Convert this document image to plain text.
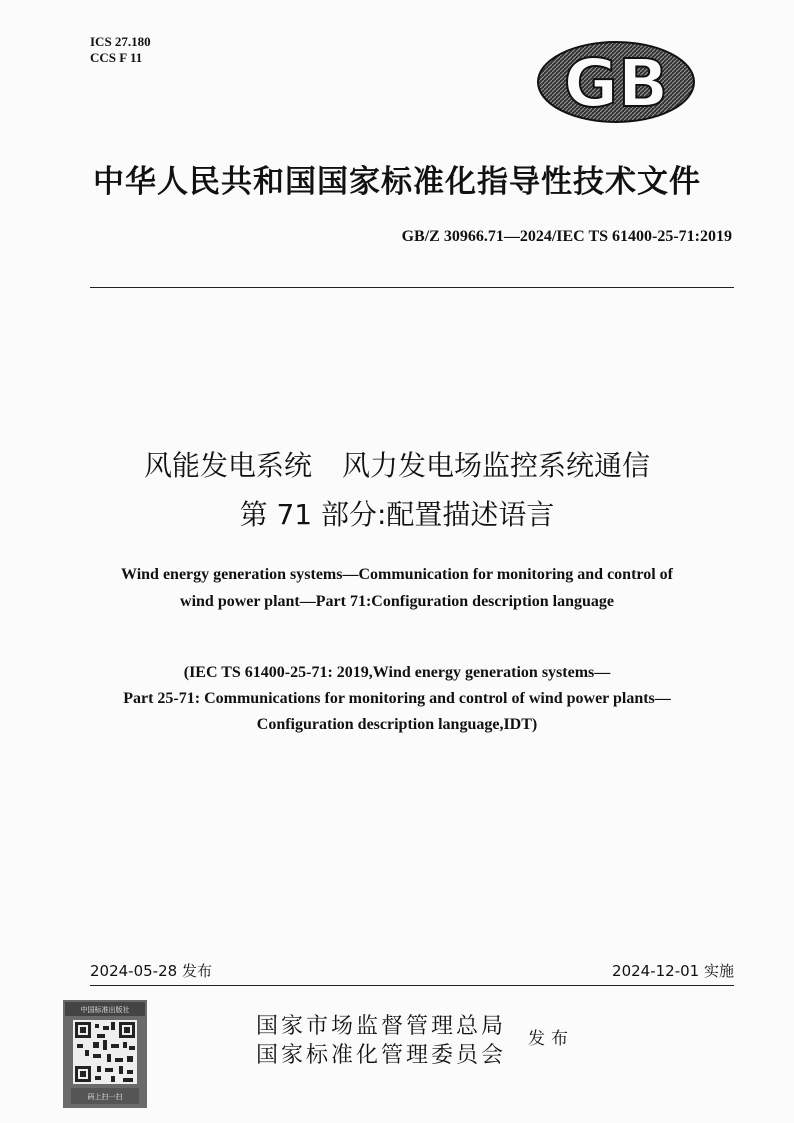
ICS 27.180
CCS F 11	GB
中华人民共和国国家标准化指导性技术文件
GB/Z 30966.71—2024/IEC TS 61400-25-71:2019
风能发电系统 风力发电场监控系统通信
第 71 部分:配置描述语言
Wind energy generation systems—Communication for monitoring and control of
wind power plant—Part 71:Configuration description language
(IEC TS 61400-25-71: 2019,Wind energy generation systems—
Part 25-71: Communications for monitoring and control of wind power plants—
Configuration description language,IDT)
2024-05-28 发布	2024-12-01 实施
中国标准出版社
码上扫一扫
国家市场监督管理总局
国家标准化管理委员会
发布
